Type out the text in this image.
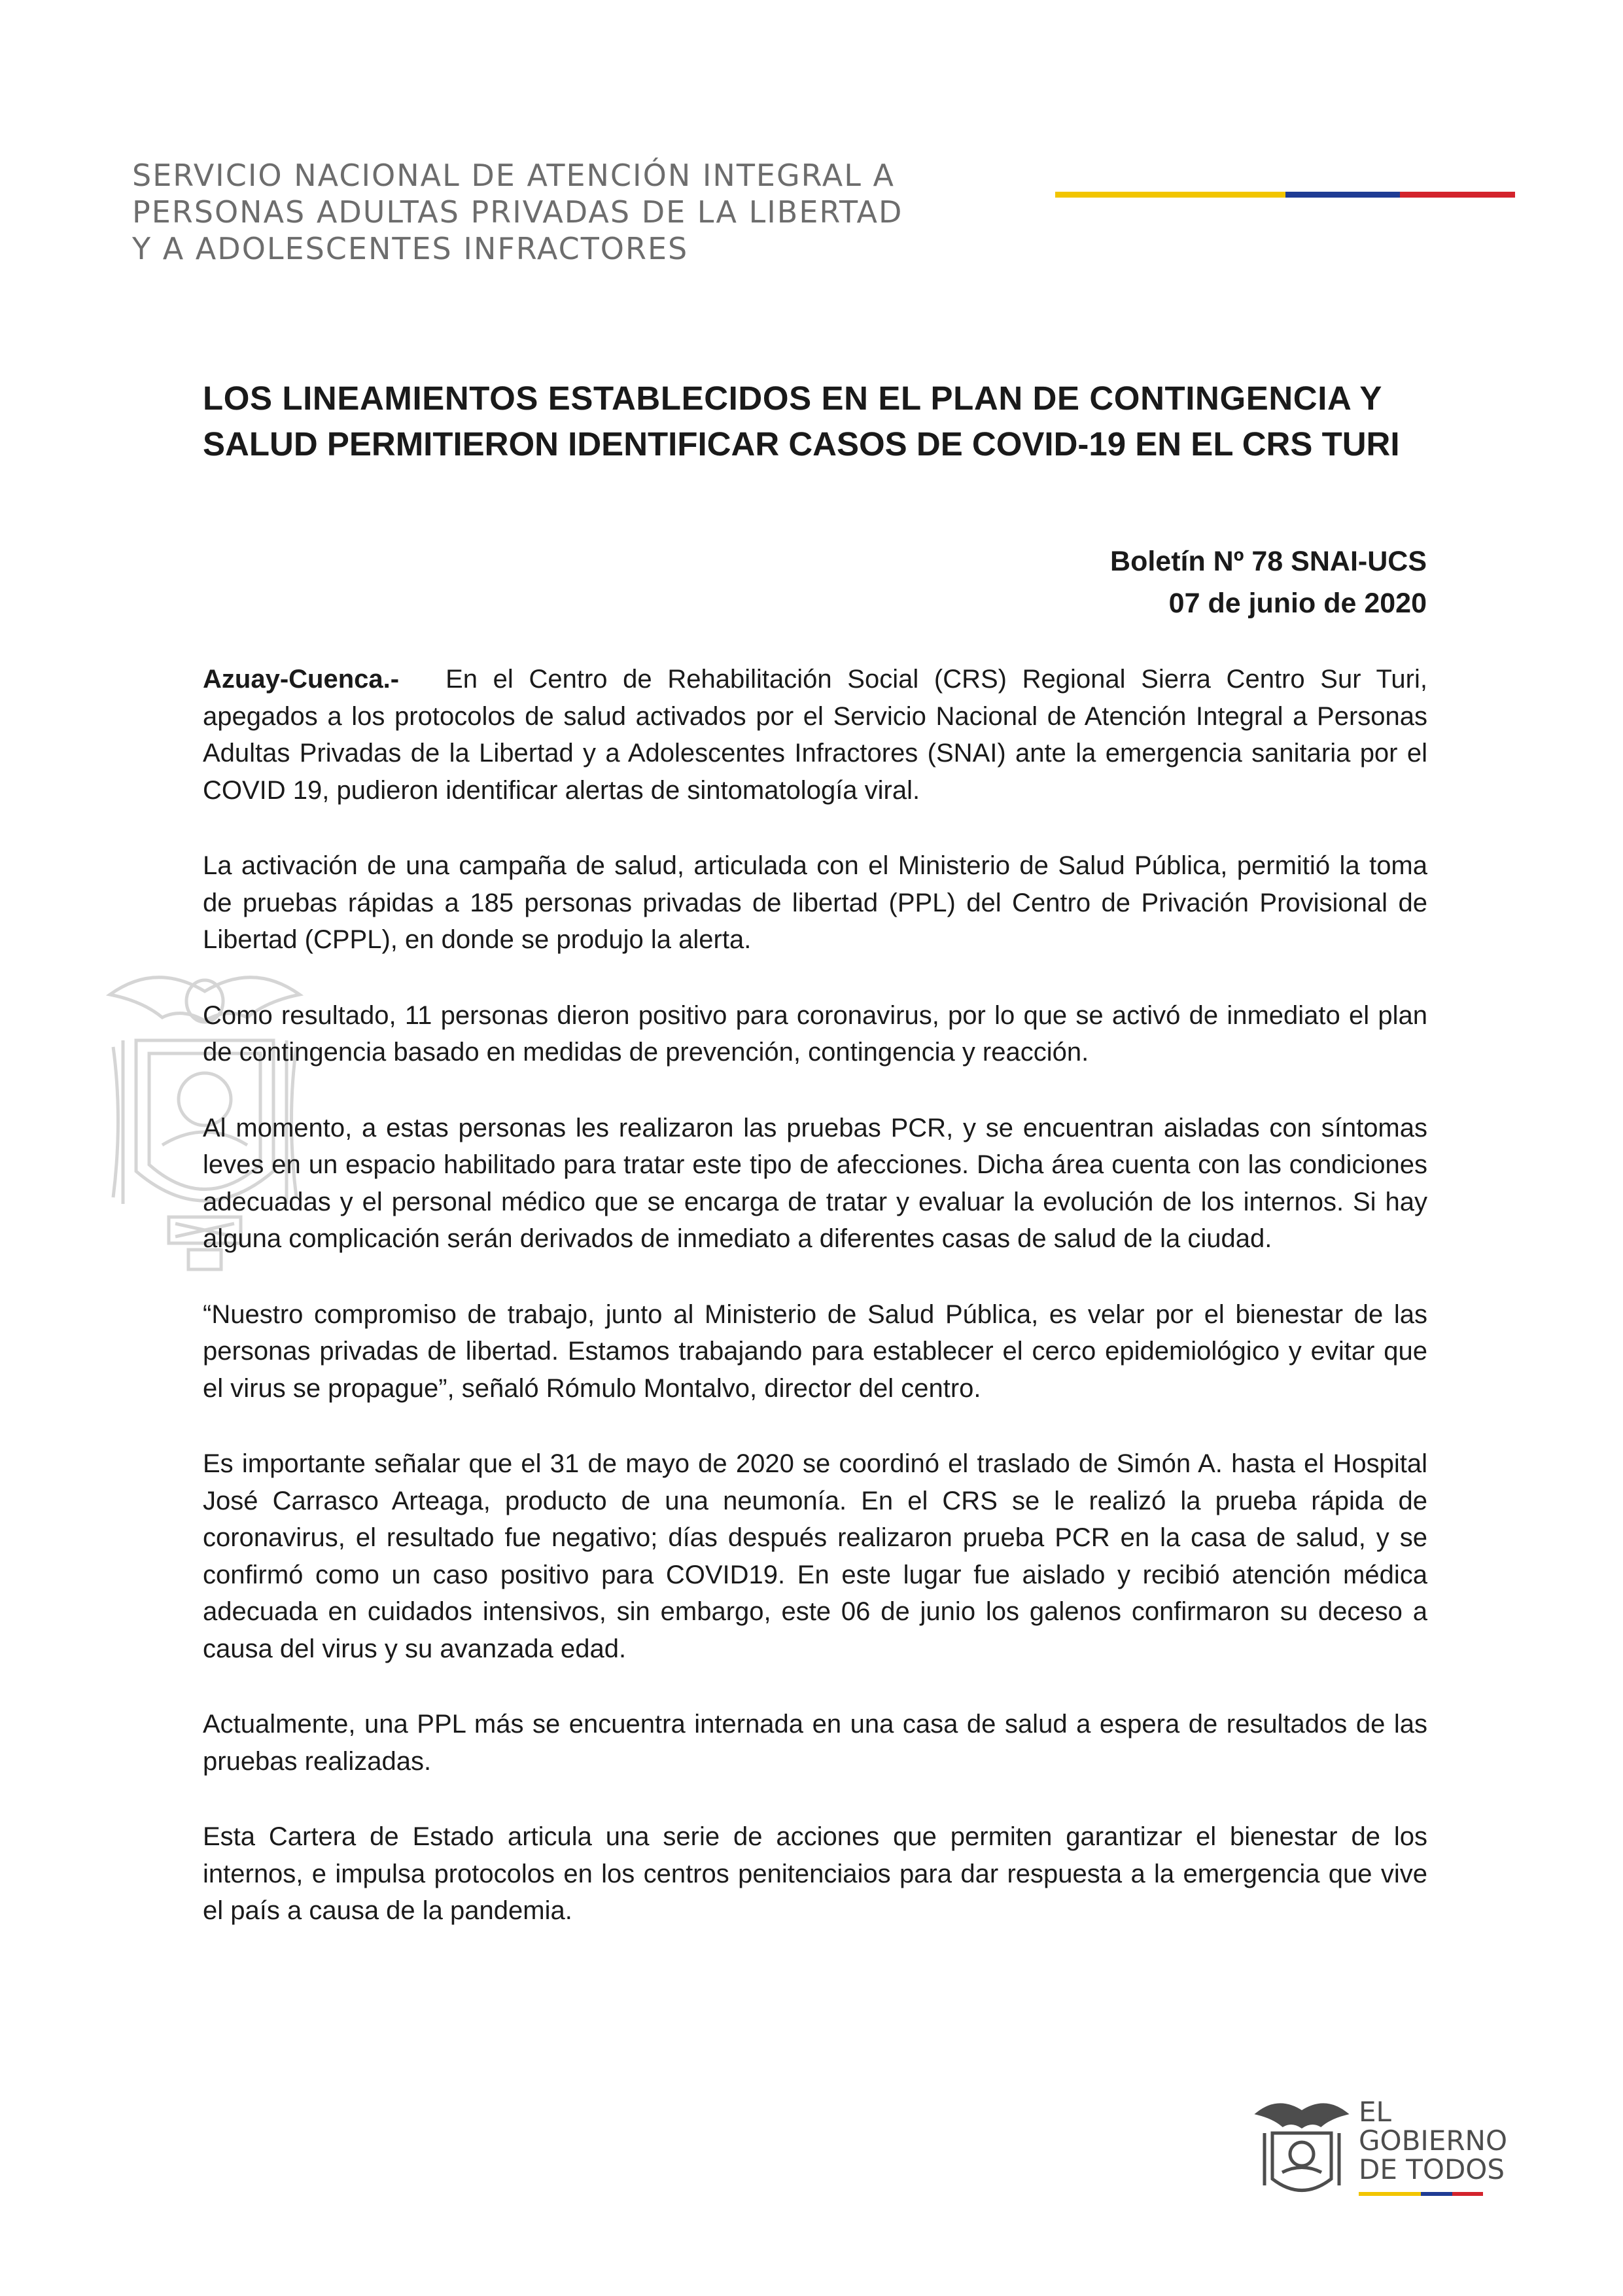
SERVICIO NACIONAL DE ATENCIÓN INTEGRAL A
PERSONAS ADULTAS PRIVADAS DE LA LIBERTAD
Y A ADOLESCENTES INFRACTORES
LOS LINEAMIENTOS ESTABLECIDOS EN EL PLAN DE CONTINGENCIA Y
SALUD PERMITIERON IDENTIFICAR CASOS DE COVID-19 EN EL CRS TURI
Boletín Nº 78 SNAI-UCS
07 de junio de 2020

Azuay-Cuenca.- En el Centro de Rehabilitación Social (CRS) Regional Sierra Centro Sur Turi, apegados a los protocolos de salud activados por el Servicio Nacional de Atención Integral a Personas Adultas Privadas de la Libertad y a Adolescentes Infractores (SNAI) ante la emergencia sanitaria por el COVID 19, pudieron identificar alertas de sintomatología viral.

La activación de una campaña de salud, articulada con el Ministerio de Salud Pública, permitió la toma de pruebas rápidas a 185 personas privadas de libertad (PPL) del Centro de Privación Provisional de Libertad (CPPL), en donde se produjo la alerta.

Como resultado, 11 personas dieron positivo para coronavirus, por lo que se activó de inmediato el plan de contingencia basado en medidas de prevención, contingencia y reacción.

Al momento, a estas personas les realizaron las pruebas PCR, y se encuentran aisladas con síntomas leves en un espacio habilitado para tratar este tipo de afecciones. Dicha área cuenta con las condiciones adecuadas y el personal médico que se encarga de tratar y evaluar la evolución de los internos. Si hay alguna complicación serán derivados de inmediato a diferentes casas de salud de la ciudad.

“Nuestro compromiso de trabajo, junto al Ministerio de Salud Pública, es velar por el bienestar de las personas privadas de libertad. Estamos trabajando para establecer el cerco epidemiológico y evitar que el virus se propague”, señaló Rómulo Montalvo, director del centro.

Es importante señalar que el 31 de mayo de 2020 se coordinó el traslado de Simón A. hasta el Hospital José Carrasco Arteaga, producto de una neumonía. En el CRS se le realizó la prueba rápida de coronavirus, el resultado fue negativo; días después realizaron prueba PCR en la casa de salud, y se confirmó como un caso positivo para COVID19. En este lugar fue aislado y recibió atención médica adecuada en cuidados intensivos, sin embargo, este 06 de junio los galenos confirmaron su deceso a causa del virus y su avanzada edad.

Actualmente, una PPL más se encuentra internada en una casa de salud a espera de resultados de las pruebas realizadas.

Esta Cartera de Estado articula una serie de acciones que permiten garantizar el bienestar de los internos, e impulsa protocolos en los centros penitenciaios para dar respuesta a la emergencia que vive el país a causa de la pandemia.

EL
GOBIERNO
DE TODOS
